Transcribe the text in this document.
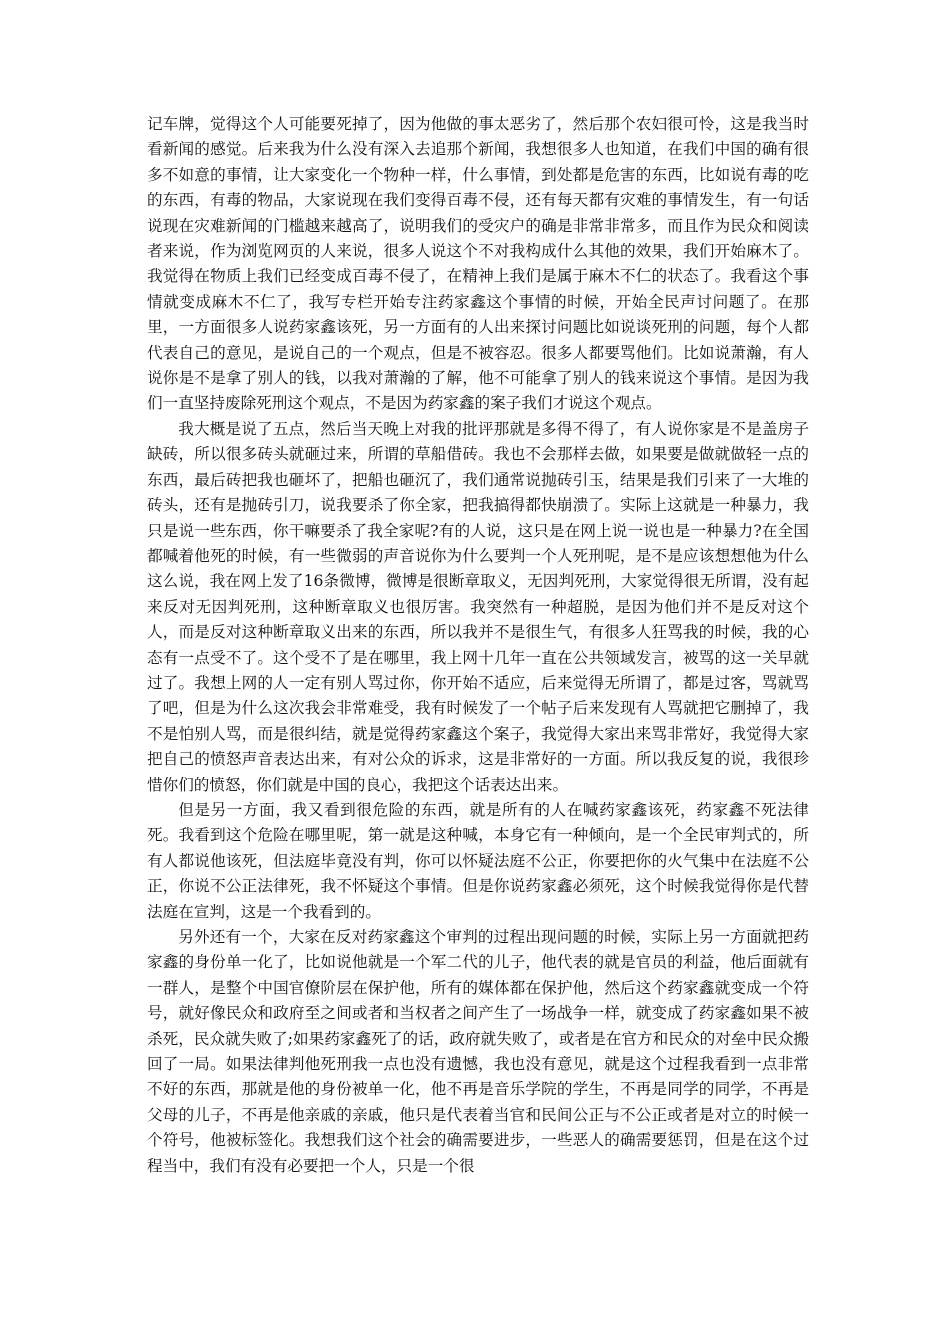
记车牌，觉得这个人可能要死掉了，因为他做的事太恶劣了，然后那个农妇很可怜，这是我当时看新闻的感觉。后来我为什么没有深入去追那个新闻，我想很多人也知道，在我们中国的确有很多不如意的事情，让大家变化一个物种一样，什么事情，到处都是危害的东西，比如说有毒的吃的东西，有毒的物品，大家说现在我们变得百毒不侵，还有每天都有灾难的事情发生，有一句话说现在灾难新闻的门槛越来越高了，说明我们的受灾户的确是非常非常多，而且作为民众和阅读者来说，作为浏览网页的人来说，很多人说这个不对我构成什么其他的效果，我们开始麻木了。我觉得在物质上我们已经变成百毒不侵了，在精神上我们是属于麻木不仁的状态了。我看这个事情就变成麻木不仁了，我写专栏开始专注药家鑫这个事情的时候，开始全民声讨问题了。在那里，一方面很多人说药家鑫该死，另一方面有的人出来探讨问题比如说谈死刑的问题，每个人都代表自己的意见，是说自己的一个观点，但是不被容忍。很多人都要骂他们。比如说萧瀚，有人说你是不是拿了别人的钱，以我对萧瀚的了解，他不可能拿了别人的钱来说这个事情。是因为我们一直坚持废除死刑这个观点，不是因为药家鑫的案子我们才说这个观点。

我大概是说了五点，然后当天晚上对我的批评那就是多得不得了，有人说你家是不是盖房子缺砖，所以很多砖头就砸过来，所谓的草船借砖。我也不会那样去做，如果要是做就做轻一点的东西，最后砖把我也砸坏了，把船也砸沉了，我们通常说抛砖引玉，结果是我们引来了一大堆的砖头，还有是抛砖引刀，说我要杀了你全家，把我搞得都快崩溃了。实际上这就是一种暴力，我只是说一些东西，你干嘛要杀了我全家呢?有的人说，这只是在网上说一说也是一种暴力?在全国都喊着他死的时候，有一些微弱的声音说你为什么要判一个人死刑呢，是不是应该想想他为什么这么说，我在网上发了16条微博，微博是很断章取义，无因判死刑，大家觉得很无所谓，没有起来反对无因判死刑，这种断章取义也很厉害。我突然有一种超脱，是因为他们并不是反对这个人，而是反对这种断章取义出来的东西，所以我并不是很生气，有很多人狂骂我的时候，我的心态有一点受不了。这个受不了是在哪里，我上网十几年一直在公共领域发言，被骂的这一关早就过了。我想上网的人一定有别人骂过你，你开始不适应，后来觉得无所谓了，都是过客，骂就骂了吧，但是为什么这次我会非常难受，我有时候发了一个帖子后来发现有人骂就把它删掉了，我不是怕别人骂，而是很纠结，就是觉得药家鑫这个案子，我觉得大家出来骂非常好，我觉得大家把自己的愤怒声音表达出来，有对公众的诉求，这是非常好的一方面。所以我反复的说，我很珍惜你们的愤怒，你们就是中国的良心，我把这个话表达出来。

但是另一方面，我又看到很危险的东西，就是所有的人在喊药家鑫该死，药家鑫不死法律死。我看到这个危险在哪里呢，第一就是这种喊，本身它有一种倾向，是一个全民审判式的，所有人都说他该死，但法庭毕竟没有判，你可以怀疑法庭不公正，你要把你的火气集中在法庭不公正，你说不公正法律死，我不怀疑这个事情。但是你说药家鑫必须死，这个时候我觉得你是代替法庭在宣判，这是一个我看到的。

另外还有一个，大家在反对药家鑫这个审判的过程出现问题的时候，实际上另一方面就把药家鑫的身份单一化了，比如说他就是一个军二代的儿子，他代表的就是官员的利益，他后面就有一群人，是整个中国官僚阶层在保护他，所有的媒体都在保护他，然后这个药家鑫就变成一个符号，就好像民众和政府至之间或者和当权者之间产生了一场战争一样，就变成了药家鑫如果不被杀死，民众就失败了;如果药家鑫死了的话，政府就失败了，或者是在官方和民众的对垒中民众搬回了一局。如果法律判他死刑我一点也没有遗憾，我也没有意见，就是这个过程我看到一点非常不好的东西，那就是他的身份被单一化，他不再是音乐学院的学生，不再是同学的同学，不再是父母的儿子，不再是他亲戚的亲戚，他只是代表着当官和民间公正与不公正或者是对立的时候一个符号，他被标签化。我想我们这个社会的确需要进步，一些恶人的确需要惩罚，但是在这个过程当中，我们有没有必要把一个人，只是一个很
